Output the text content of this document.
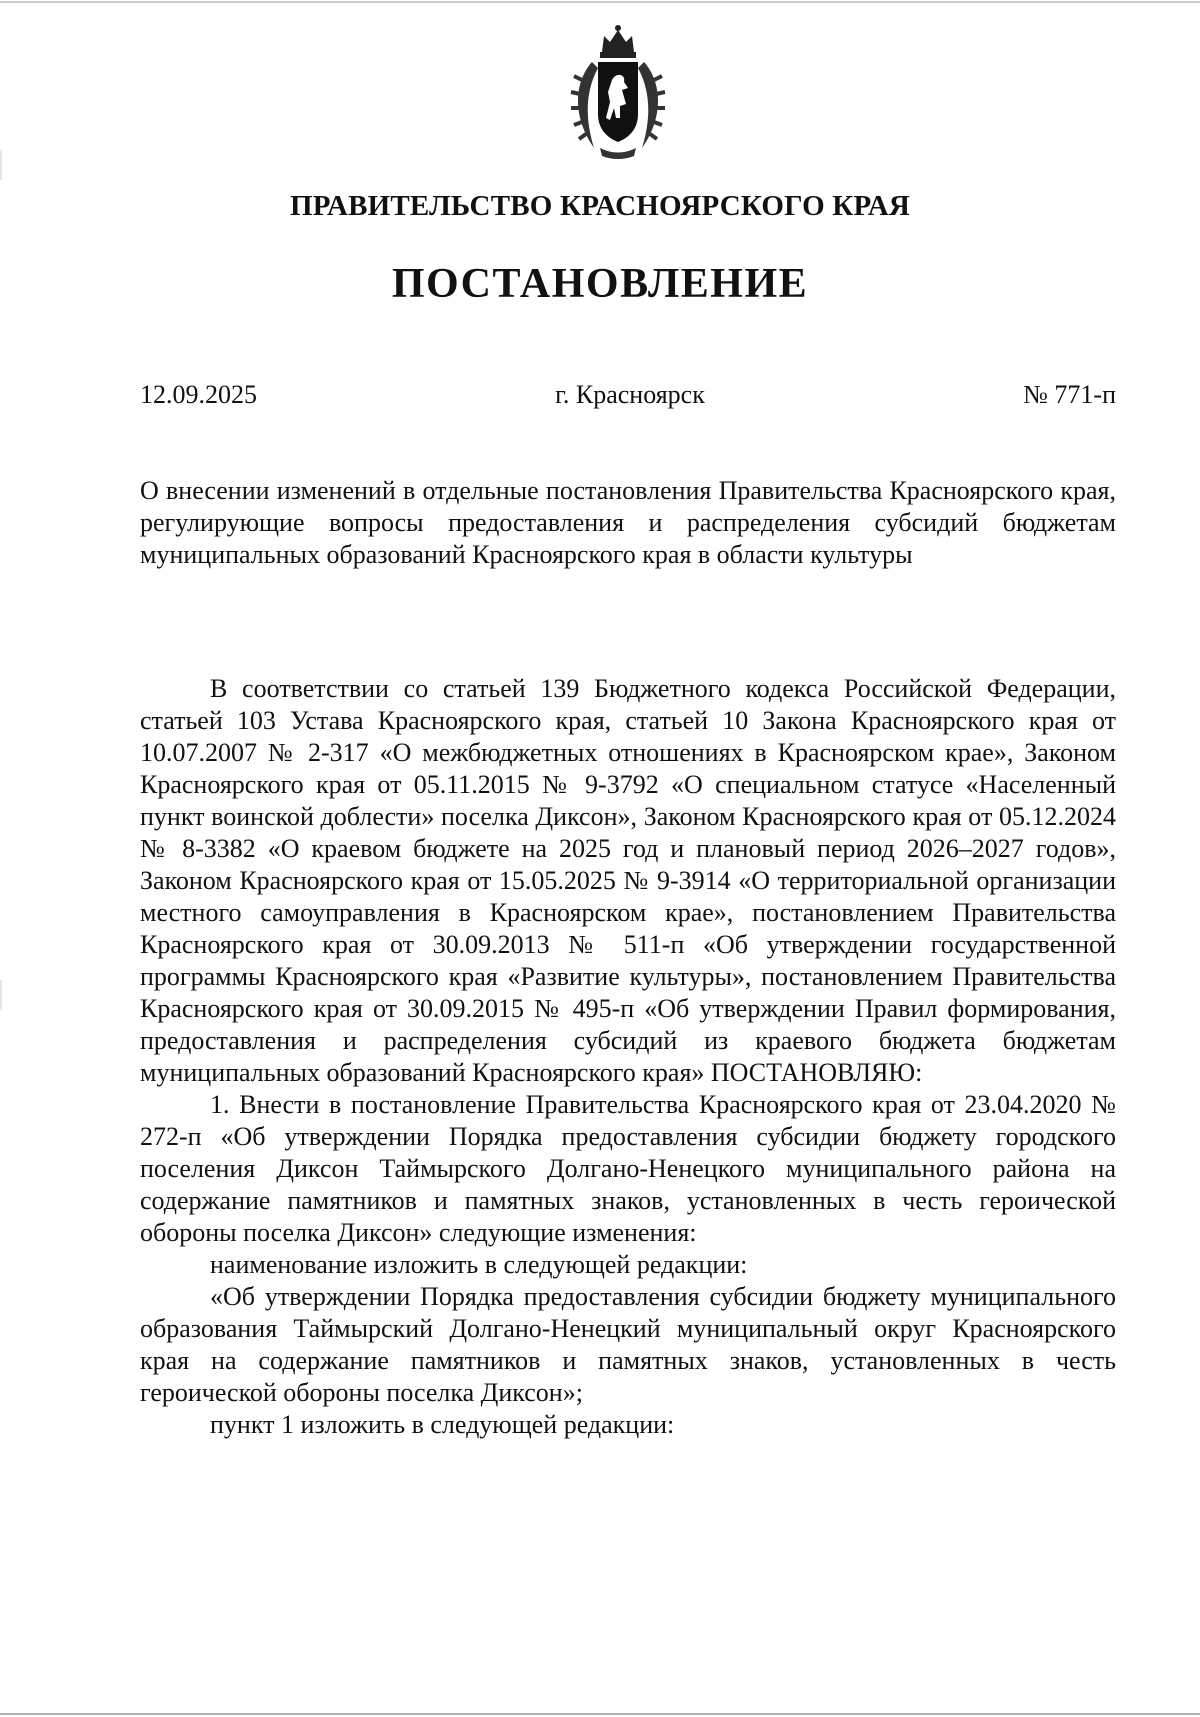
ПРАВИТЕЛЬСТВО КРАСНОЯРСКОГО КРАЯ
ПОСТАНОВЛЕНИЕ
12.09.2025	г. Красноярск	№ 771-п
О внесении изменений в отдельные постановления Правительства Красноярского края, регулирующие вопросы предоставления и распределения субсидий бюджетам муниципальных образований Красноярского края в области культуры

В соответствии со статьей 139 Бюджетного кодекса Российской Федерации, статьей 103 Устава Красноярского края, статьей 10 Закона Красноярского края от 10.07.2007 № 2-317 «О межбюджетных отношениях в Красноярском крае», Законом Красноярского края от 05.11.2015 № 9-3792 «О специальном статусе «Населенный пункт воинской доблести» поселка Диксон», Законом Красноярского края от 05.12.2024 № 8-3382 «О краевом бюджете на 2025 год и плановый период 2026–2027 годов», Законом Красноярского края от 15.05.2025 № 9-3914 «О территориальной организации местного самоуправления в Красноярском крае», постановлением Правительства Красноярского края от 30.09.2013 № 511-п «Об утверждении государственной программы Красноярского края «Развитие культуры», постановлением Правительства Красноярского края от 30.09.2015 № 495-п «Об утверждении Правил формирования, предоставления и распределения субсидий из краевого бюджета бюджетам муниципальных образований Красноярского края» ПОСТАНОВЛЯЮ:

1. Внести в постановление Правительства Красноярского края от 23.04.2020 № 272-п «Об утверждении Порядка предоставления субсидии бюджету городского поселения Диксон Таймырского Долгано-Ненецкого муниципального района на содержание памятников и памятных знаков, установленных в честь героической обороны поселка Диксон» следующие изменения:

наименование изложить в следующей редакции:

«Об утверждении Порядка предоставления субсидии бюджету муниципального образования Таймырский Долгано-Ненецкий муниципальный округ Красноярского края на содержание памятников и памятных знаков, установленных в честь героической обороны поселка Диксон»;

пункт 1 изложить в следующей редакции:
